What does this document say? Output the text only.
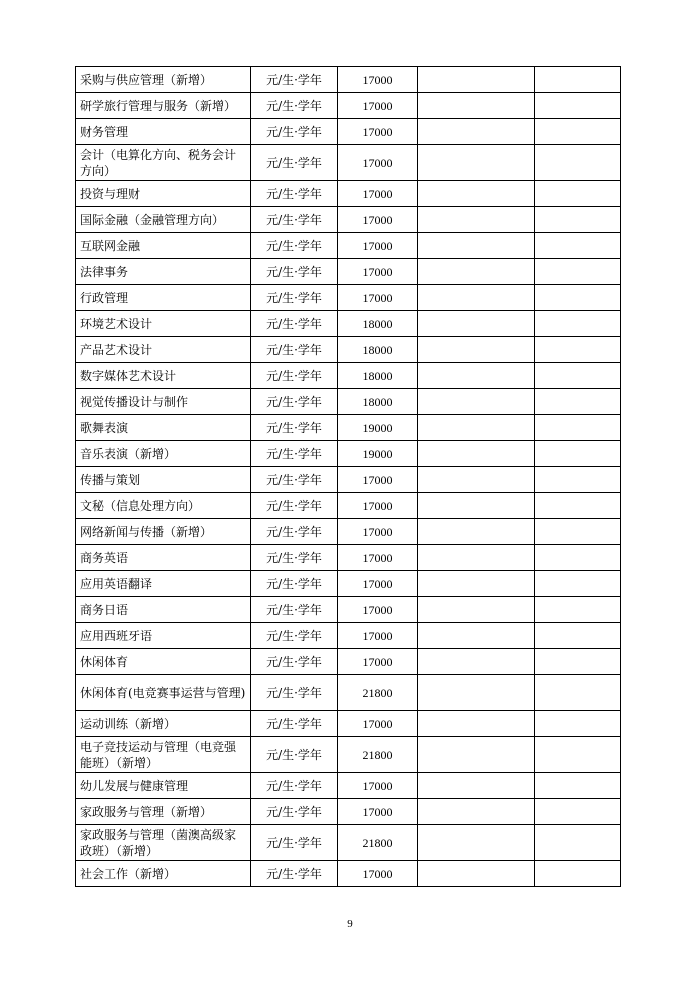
采购与供应管理（新增）	元/生·学年	17000		
研学旅行管理与服务（新增）	元/生·学年	17000		
财务管理	元/生·学年	17000		
会计（电算化方向、税务会计方向）	元/生·学年	17000		
投资与理财	元/生·学年	17000		
国际金融（金融管理方向）	元/生·学年	17000		
互联网金融	元/生·学年	17000		
法律事务	元/生·学年	17000		
行政管理	元/生·学年	17000		
环境艺术设计	元/生·学年	18000		
产品艺术设计	元/生·学年	18000		
数字媒体艺术设计	元/生·学年	18000		
视觉传播设计与制作	元/生·学年	18000		
歌舞表演	元/生·学年	19000		
音乐表演（新增）	元/生·学年	19000		
传播与策划	元/生·学年	17000		
文秘（信息处理方向）	元/生·学年	17000		
网络新闻与传播（新增）	元/生·学年	17000		
商务英语	元/生·学年	17000		
应用英语翻译	元/生·学年	17000		
商务日语	元/生·学年	17000		
应用西班牙语	元/生·学年	17000		
休闲体育	元/生·学年	17000		
休闲体育(电竞赛事运营与管理)	元/生·学年	21800		
运动训练（新增）	元/生·学年	17000		
电子竞技运动与管理（电竞强能班）（新增）	元/生·学年	21800		
幼儿发展与健康管理	元/生·学年	17000		
家政服务与管理（新增）	元/生·学年	17000		
家政服务与管理（菌澳高级家政班）（新增）	元/生·学年	21800		
社会工作（新增）	元/生·学年	17000		
9
